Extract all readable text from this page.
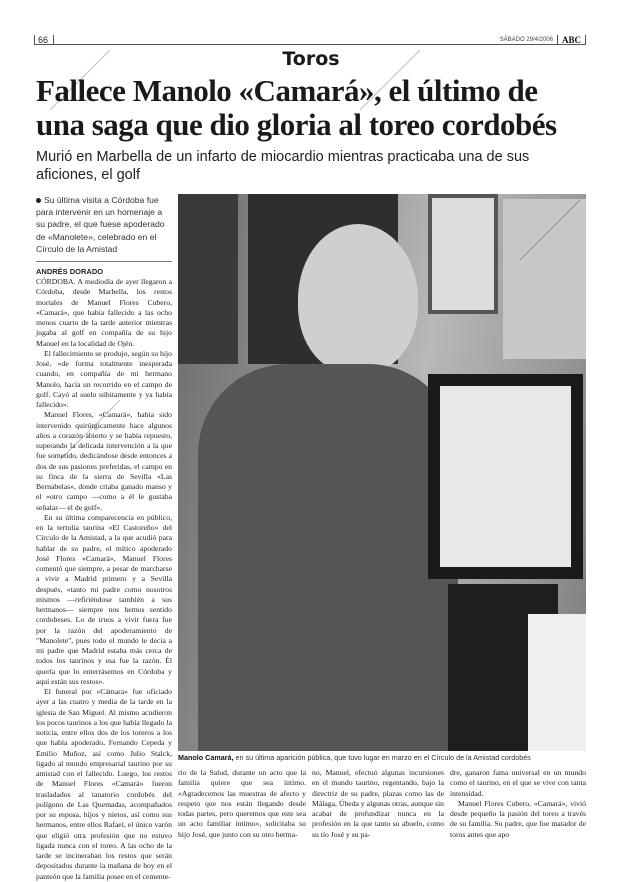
66	SÁBADO 29/4/2006	ABC
Toros
Fallece Manolo «Camará», el último de una saga que dio gloria al toreo cordobés
Murió en Marbella de un infarto de miocardio mientras practicaba una de sus aficiones, el golf
Su última visita a Córdoba fue para intervenir en un homenaje a su padre, el que fuese apoderado de «Manolete», celebrado en el Círculo de la Amistad
ANDRÉS DORADO

CÓRDOBA. A mediodía de ayer llegaron a Córdoba, desde Marbella, los restos mortales de Manuel Flores Cubero, «Camará», que había fallecido a las ocho menos cuarto de la tarde anterior mientras jugaba al golf en compañía de su hijo Manuel en la localidad de Ojén.

El fallecimiento se produjo, según su hijo José, «de forma totalmente inesperada cuando, en compañía de mi hermano Manolo, hacía un recorrido en el campo de golf. Cayó al suelo súbitamente y ya había fallecido».

Manuel Flores, «Camará», había sido intervenido quirúrgicamente hace algunos años a corazón abierto y se había repuesto, superando la delicada intervención a la que fue sometido, dedicándose desde entonces a dos de sus pasiones preferidas, el campo en su finca de la sierra de Sevilla «Las Bernabelas», donde criaba ganado manso y el «otro campo —como a él le gustaba señalar— el de golf».

En su última comparecencia en público, en la tertulia taurina «El Castoreño» del Círculo de la Amistad, a la que acudió para hablar de su padre, el mítico apoderado José Flores «Camará», Manuel Flores comentó que siempre, a pesar de marcharse a vivir a Madrid primero y a Sevilla después, «tanto mi padre como nosotros mismos —refiriéndose también a sus hermanos— siempre nos hemos sentido cordobeses. Lo de irnos a vivir fuera fue por la razón del apoderamiento de "Manolete", pues todo el mundo le decía a mi padre que Madrid estaba más cerca de todos los taurinos y esa fue la razón. Él quería que lo enterrásemos en Córdoba y aquí están sus restos».

El funeral por «Cámara» fue oficiado ayer a las cuatro y media de la tarde en la iglesia de San Miguel. Al mismo acudieron los pocos taurinos a los que había llegado la noticia, entre ellos dos de los toreros a los que había apoderado, Fernando Cepeda y Emilio Muñoz, así como Julio Stalck, ligado al mundo empresarial taurino por su amistad con el fallecido. Luego, los restos de Manuel Flores «Camará» fueron trasladados al tanatorio cordobés del polígono de Las Quemadas, acompañados por su esposa, hijos y nietos, así como sus hermanos, entre ellos Rafael, el único varón que eligió otra profesión que no estuvo ligada nunca con el toreo. A las ocho de la tarde se incineraban los restos que serán depositados durante la mañana de hoy en el panteón que la familia posee en el cemente-

Manolo Camará, en su última aparición pública, que tuvo lugar en marzo en el Círculo de la Amistad cordobés

rio de la Salud, durante un acto que la familia quiere que sea íntimo. «Agradecemos las muestras de afecto y respeto que nos están llegando desde todas partes, pero queremos que este sea un acto familiar íntimo», solicitaba su hijo José, que junto con su otro herma-

no, Manuel, efectuó algunas incursiones en el mundo taurino, regentando, bajo la directriz de su padre, plazas como las de Málaga, Úbeda y algunas otras, aunque sin acabar de profundizar nunca en la profesión en la que tanto su abuelo, como su tío José y su pa-

dre, ganaron fama universal en un mundo como el taurino, en el que se vive con tanta intensidad.

Manuel Flores Cubero, «Camará», vivió desde pequeño la pasión del toreo a través de su familia. Su padre, que fue matador de toros antes que apo
